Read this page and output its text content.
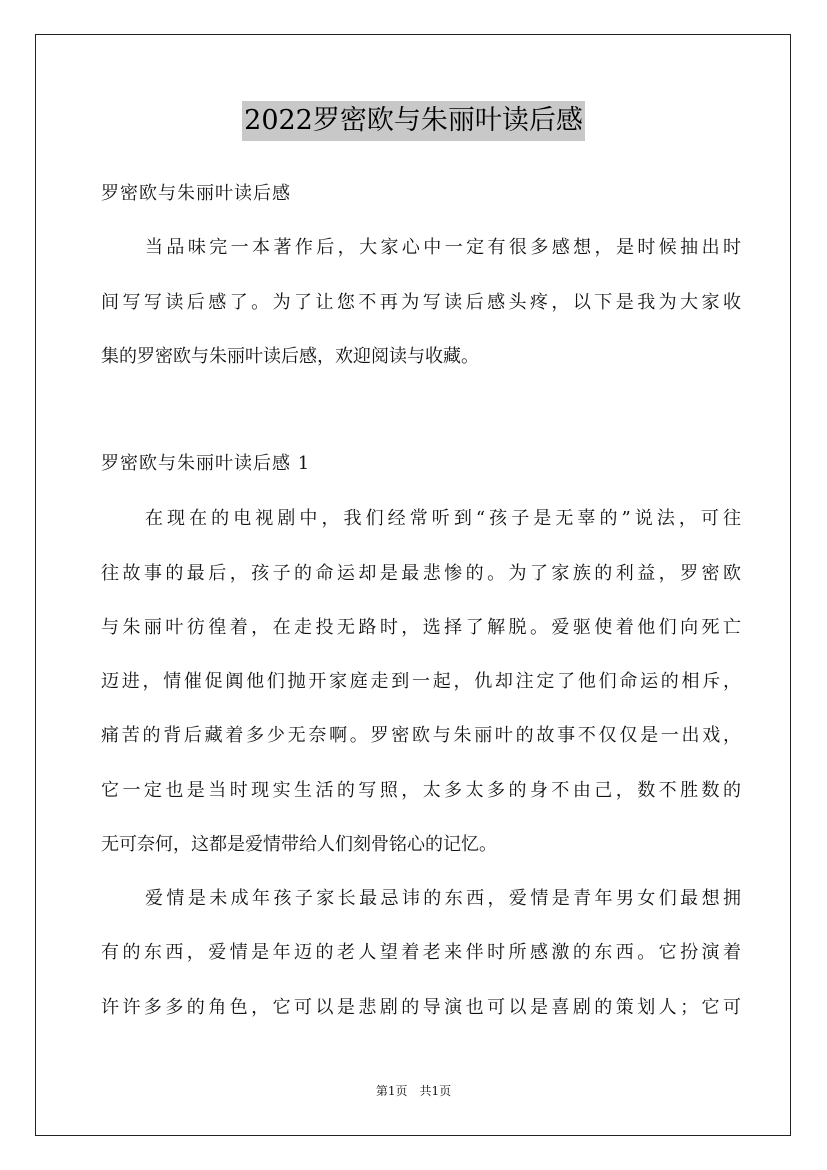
2022罗密欧与朱丽叶读后感
罗密欧与朱丽叶读后感
当品味完一本著作后，大家心中一定有很多感想，是时候抽出时
间写写读后感了。为了让您不再为写读后感头疼，以下是我为大家收
集的罗密欧与朱丽叶读后感，欢迎阅读与收藏。
罗密欧与朱丽叶读后感 1
在现在的电视剧中，我们经常听到“孩子是无辜的”说法，可往
往故事的最后，孩子的命运却是最悲惨的。为了家族的利益，罗密欧
与朱丽叶彷徨着，在走投无路时，选择了解脱。爱驱使着他们向死亡
迈进，情催促阗他们抛开家庭走到一起，仇却注定了他们命运的相斥，
痛苦的背后藏着多少无奈啊。罗密欧与朱丽叶的故事不仅仅是一出戏，
它一定也是当时现实生活的写照，太多太多的身不由己，数不胜数的
无可奈何，这都是爱情带给人们刻骨铭心的记忆。
爱情是未成年孩子家长最忌讳的东西，爱情是青年男女们最想拥
有的东西，爱情是年迈的老人望着老来伴时所感激的东西。它扮演着
许许多多的角色，它可以是悲剧的导演也可以是喜剧的策划人；它可
第1页　共1页
